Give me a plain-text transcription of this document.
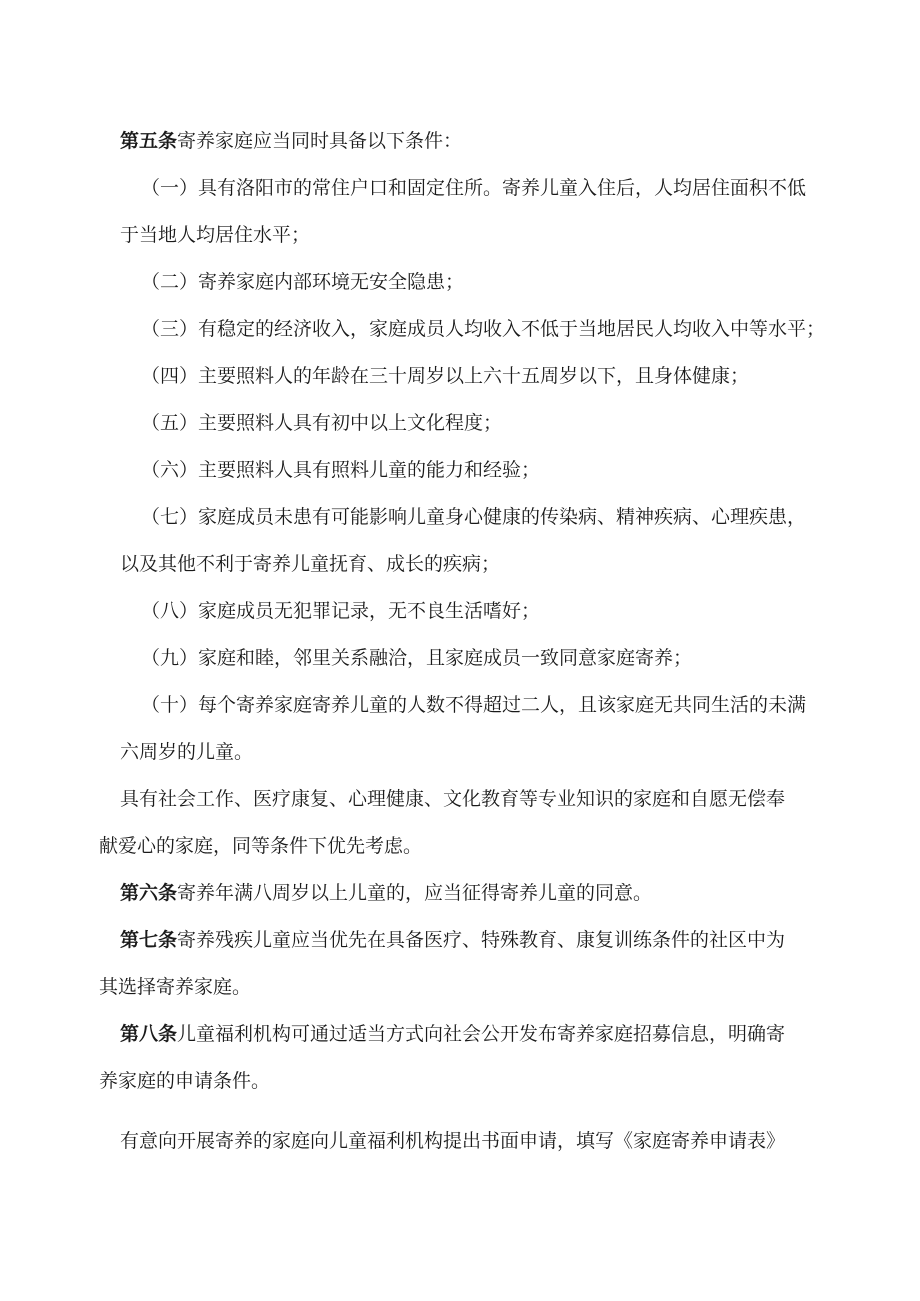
第五条寄养家庭应当同时具备以下条件：

（一）具有洛阳市的常住户口和固定住所。寄养儿童入住后，人均居住面积不低
于当地人均居住水平；

（二）寄养家庭内部环境无安全隐患；

（三）有稳定的经济收入，家庭成员人均收入不低于当地居民人均收入中等水平；

（四）主要照料人的年龄在三十周岁以上六十五周岁以下，且身体健康；

（五）主要照料人具有初中以上文化程度；

（六）主要照料人具有照料儿童的能力和经验；

（七）家庭成员未患有可能影响儿童身心健康的传染病、精神疾病、心理疾患，
以及其他不利于寄养儿童抚育、成长的疾病；

（八）家庭成员无犯罪记录，无不良生活嗜好；

（九）家庭和睦，邻里关系融洽，且家庭成员一致同意家庭寄养；

（十）每个寄养家庭寄养儿童的人数不得超过二人，且该家庭无共同生活的未满
六周岁的儿童。

具有社会工作、医疗康复、心理健康、文化教育等专业知识的家庭和自愿无偿奉
献爱心的家庭，同等条件下优先考虑。

第六条寄养年满八周岁以上儿童的，应当征得寄养儿童的同意。

第七条寄养残疾儿童应当优先在具备医疗、特殊教育、康复训练条件的社区中为
其选择寄养家庭。

第八条儿童福利机构可通过适当方式向社会公开发布寄养家庭招募信息，明确寄
养家庭的申请条件。

有意向开展寄养的家庭向儿童福利机构提出书面申请，填写《家庭寄养申请表》
